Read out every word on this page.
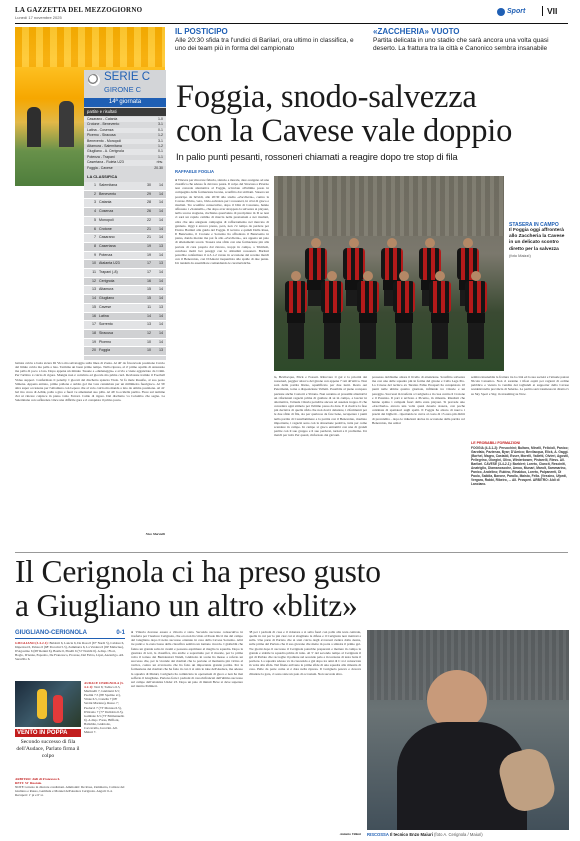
LA GAZZETTA DEL MEZZOGIORNO
Lunedì 17 novembre 2025
Sport	VII
SERIE C
GIRONE C
14ª giornata
partite e risultati
Casarano - Catania	1-0
Crotone - Benevento	3-1
Latina - Cosenza	0-1
Picerno - Siracusa	1-2
Benevento - Monopoli	3-1
Altamura - Salernitana	1-2
Giugliano - A. Cerignola	0-1
Potenza - Trapani	1-1
Casertana - Ruleta U23	rinv.
Foggia - Cavese	20.30
LA CLASSIFICA
1 Salernitana	30 14
2 Benevento	29 14
3 Catania	28 14
4 Cosenza	26 14
5 Monopoli	22 14
6 Crotone	21 14
7 Casarano	21 14
8 Casertana	19 13
9 Potenza	19 14
10 Atalanta U23	17 13
11 Trapani (-8)	17 14
12 Cerignola	16 14
13 Altamura	15 14
14 Giugliano	15 14
15 Cavese	11 13
16 Latina	14 14
17 Sorrento	13 14
18 Siracusa	12 14
19 Picerno	10 14
20 Foggia	10 13
battuta calcia a botta sicura Di Vico ma salvataggio sulla linea di Zazza. Al 40' da favorevole posizione Curcio dal limite calcia ma palla a lato. Termina un buon primo tempo. Nella ripresa, al 4' primo squillo di Anastasio ma palla di poco a lato. Dopo appena un minuto Tosone e «dieleneggia» e avvia e viene agganciato da Crimi. Per l'arbitro è calcio di rigore. Mangia non è convinto ed giocala ma prima card. Revisione tramite il Football Video support. Confermato il penalty. I giocati del dischetto spiazza Viola. Si fa male Rosafio, al suo posto Simone. Appena entrato, primo pallone e subito gol ma vote cenutulata per un millimetro fuorigioco. Al 36' altra super occasione per l'Altamura con Lepore che al volo calcia ma manda a lato da ottima posizione. Al 41' bel tiro cross di Achik, palla a giro e fuori ve amentenel suo pilla. Al 46' la ocidella partita. Flore sul termine d'ei ut rincare colpisce in pieno volto Ferrari. Caldo di rigore. Dal dischetto va Colombo che segna. La Salernitana con sofferenza vince una difficile gara e ri conquista il primo posto.
Nico Marvulli
IL POSTICIPO
Alle 20:30 sfida tra l'undici di Barilari, ora ultimo in classifica, e uno dei team più in forma del campionato
«ZACCHERIA» VUOTO
Partita delicata in uno stadio che sarà ancora una volta quasi deserto. La frattura tra la città e Canonico sembra insanabile
Foggia, snodo-salvezza
con la Cavese vale doppio
In palio punti pesanti, rossoneri chiamati a reagire dopo tre stop di fila
RAFFAELE FOGLIA
● Vincere per ritrovare fiducia, slancio e morale, dare ossigeno ad una classifica che adesso fa davvero paura. Il colpo del Siracusa a Picerno non concede alternative al Foggia, scivolato all'ultimo posto in compagnia della formazione lucana, sconfitta dai siciliani. Stasera un posticipo da brividi, alle 20:30 allo stadio «Zaccheria», contro la Cavese. Primo, vero, bivio-salvezza per i rossoneri, in crisi di gioco e risultati. Tre sconfitte consecutive, dopo il blitz di Casarano, hanno affossato i «Satanelli», che dopo aver strappato la salvezza ai playout, nella scorsa stagione, rischiano quest'anno di precipitare in D se non ci sarà un rapido cambio di marcia nelle prestazioni e nei risultati, oltre che una adeguata campagna di rafforzamento nel mercato di gennaio. Oggi è ancora presto, però, non c'è tempo da perdere per Enrico Barilari alla guida del Foggia. Il tecnico e quindi Dalla Rosa, Il Benevento, il Crotone e Sorrento ha affrontato il Benevento in pieno, dando morale ma poi fa allo «Zaccheria», ora appena un paio di allenamenti scorsi. Stasera una sfida con una formazione più alla portata di cura propria dal rincaro, troppi in campo, a Trimboli, conclusa molti bei pareggi con le abitudini rossoneri. Barilari potrebbe confermare il 4-3-1-2 varato in occasione del recente match con il Benevento, con D'Antoni trequartista alle spalle di due punte. Un tandem da assemblare comandando le caratteristiche.
STASERA IN CAMPO
Il Foggia oggi affronterà allo Zaccheria la Cavese in un delicato scontro diretto per la salvezza
(foto Maizzi)
la, Bevilacqua, Elick e Fossati. Ritrovare il gol è la priorità dei rossoneri, peggior attacco del girone con appena 7 reti all'attivo. Non sarà della partita Rizzo, squalificato per due turni. Resta out Petermann, torna a disposizione Valletti. Possibile al pieno recupero pazione anche Castorri e Sbrana. Non saranno ai prossimi alternativi un rifortunati ragazzi prima di guidare di sè in campo, a lasciar in alternativa, l'attuale vittoria potrebbe ancora ad assenza troppa. Il che concentra ogni stimolo per l'ultimo passo da dare. E si risolve la fase più decisiva di quella sfida che non dovrà deludere, i riferimenti per le due sfide di fila, sia per qualcosa da fare bene, recuperare i punti nella partita di Castellammare e la partita con il Benevento, risultato importante, i ragazzi sono con la situazione positiva, tutta per come scendere in campo. In campo si gioca entrambi con una di grandi partite con il suo gruppo e il suo perdersi, tornati e il problema. Un match per tutti. Per questi, rinforzato dai giovani.
possesso dobbiamo alzare il livello di attenzione. Sconfitto salvezza ma con una delle squadre più in forma del girone e Calla Lega Pro. La Cavese del tecnico ex Taranto Fabio Prosperi ha conquistato 10 punti nelle ultime quattro giornate, infilando tre vittorie e un pareggio. Successi in trasferta a Cerignola e in casa contro il Crotone e il Potenza. Il pari è arrivato a Picerno, in rimonta. Risultati che hanno spinto i campani fuori dalla zona playout. Si prevede uno «Zaccheria» ancora una volta quasi deserto stasera, con poche centinaia di spettatori sugli spalti. Il Foggia ha alzato di nuovo i prezzi dei biglietti - riportando le curve al costo di 15 euro più diritti di prevendita - dopo le riduzioni decise in occasione della partita col Benevento, ma ormai
sembra insanabile la frattura tra la città ed la sua società e l'attuale patron Nicola Canonico. Non ci saranno i tifosi ospiti per ragioni di ordine pubblico e vietata la vendita dei tagliandi ai supporter della Cavese residenti nella provincia di Salerno. La partita sarà trasmessa in diretta tv su Sky Sport e Sky, in streaming su Now.
LE PROBABILI FORMAZIONI
FOGGIA (4-3-1-2): Perucchini; Bultaro, Minelli, Felicioli, Panico; Garofalo, Pazienza, Byar; D'Amico; Bevilacqua, Elick, A. Gaggi. (Borhel, Magro, Castaldi, Esser, Morelli, Valletti, Olvieri, Agostil, Pellegrino, Giorgini, Olivo, Winterbower, Pistarelli, Riess. All. Barilari. CAVESE (3-4-2-1): Barbieri; Loreto, Ciancit, Resciniti, Anatriglio, Diamanosoche, Amoo, Munari, Marolt, Sammarino, Panico, Andelino; Rubino, Rinalduo, Loreto, Palpanenti, Di Paolo, Saiblia, Barone, Parallo, Maisto, Fella. (Vessino, Ufpedi, Vergara, Rabbi, Ribeiro, ... All. Prosperi. ARBITRO: Aldi di Lanciano.
Il Cerignola ci ha preso gusto
a Giugliano un altro «blitz»
GIUGLIANO-CERIGNOLA	0-1
GIUGLIANO (3-4-2-1): Baldotti 6, Lancia 6, De Rosa 6 (67' Nardi 5), Caldore 6, Imperiosi 6, Peluso 6 (68' Pecorini 5.5), Zammarra 6, La Vardera 6 (69' Malsciuo), D'Agostino 6 (68' Renini 6), Basile 6, Pinelli 6 (72' Nombi 6). A disp.: Fiori, Boglo, D'Anna, Esposito, De Francesco, Provese, Del Fabro, Lipsi, Azzerrigo. All. Saravillo 6.
AUDACE CERIGNOLA (3-4-2-1): Neri 6; Todisco 6.5, Martinelli 7, Giubiarni 6.5; Paolini 7.5 (86' Spalino sv), Vitale 6.5, Cretella 7 (68' Savini Mariano), Russo 7; Paolucci 7 (73' Monrea 6.5), D'Orazio 7 (77' Dallobia 6.5), Gambale 6.5 (73' Emmanuello 6). A disp.: Fares, Biffioni, Ballabile, Giubiotto, Caccavallo, Iacovini. All. Maiuri 7.
VENTO IN POPPA
Secondo successo di fila dell'Audace, Parlato firma il colpo
ARBITRO: Aldi di Francesco 6.
RETI: 51' Ruotolo.
NOTE: terreno in discrete condizioni. Ammoniti: De Rosa, Zammarra, Caldore del Giuliano e Russo, Gambale e Monnel dell'Audace Cerignola. Angoli: 6-4. Recuperi: 1' pt e 6' st.
● Vittoria dovesse essere e vittoria è stata. Secondo successo consecutivo in trasferta per l'Audace Cerignola, che ora non ha vinto al Paolo Ricci ma dal campo del Giugliano dopo il netto successo ottenuto in casa della Cavese Sorrento. Altri tre punti e la zona bassa della classifica sembra un lontano ricordo. I gialloblù che fanno un grande salto in avanti e possono esprimere al meglio la squadra. Dopo la giornata di ieri, la classifica, ma anche e soprattutto per il morale, per la prima volta il torneo dei Bernalestari Nandi, Giubiotto in scena ha messo a referto un successo che, per le vicende dei risultati che lo portano al momento più vicino al vertice, contro un avversario che ha fatto un importante grande partita. Per la formazione dei risultati che ha fatto in cui ci si alzò le idee dell'Audace, ma adesso la squadra di Maiuri, Cerignola ha cominciato le operazioni di gioco e non ha mai sofferto il Giugliano. Partono forte i padroni di casa rinfrancati dall'ultimo successo sul campo dell'Atalanta Under 23. Dopo un paio di minuti Beve si deve superare sul rientro Palmieri.
38 per i padroni di casa e il ridonare a si salta fuori con palla alla testa centrale, quella in cui per lo più cioè cui si sbagliano le difese e il Cerignola non rientrati a sulla. Una parte di Parlato che ai stati calcio degli avversari rientra dalla destra, sulle prime del Parlato che il suo giovane che mette in porta a sinistra il primo gol. Tre giorni dopo il successo il Cerignola potrebbe prepararsi e mettere in campo la grande e stabile la squadra prima di tutto. Al 5' del secondo tempo al Cerignola il gol di Parlato che raccoglie il pallone sul secondo palo e in torsione di testa batte il portiere. La squadra adesso va in crescendo e già dopo tre anni di C si è consacrata in vetta alla sfida. Nel finale arrivano le prime sfide di una squadra alla rimonta di casa. Palle da parte come si è data nella ripresa. Il Cerignola poteva e doveva chiudere la gara, ci sono state un paio di occasioni. Non succede altro.
Antonio Villani RISCOSSA Il tecnico Enzo Maiuri (foto A. Cerignola / Maiuri)
